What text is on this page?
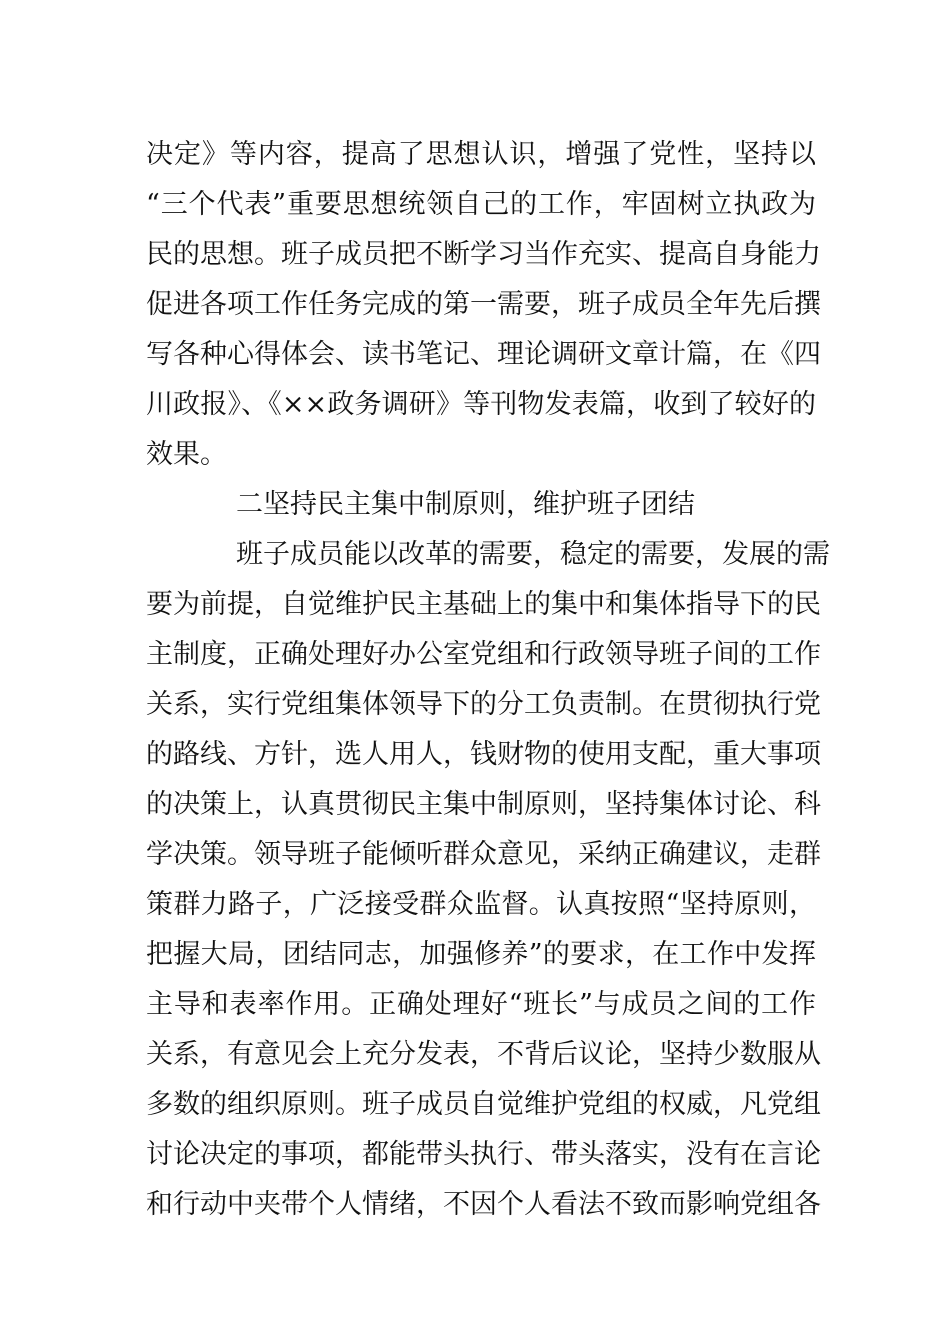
决定》等内容，提高了思想认识，增强了党性，坚持以
“三个代表”重要思想统领自己的工作，牢固树立执政为
民的思想。班子成员把不断学习当作充实、提高自身能力
促进各项工作任务完成的第一需要，班子成员全年先后撰
写各种心得体会、读书笔记、理论调研文章计篇，在《四
川政报》、《××政务调研》等刊物发表篇，收到了较好的
效果。
二坚持民主集中制原则，维护班子团结
班子成员能以改革的需要，稳定的需要，发展的需
要为前提，自觉维护民主基础上的集中和集体指导下的民
主制度，正确处理好办公室党组和行政领导班子间的工作
关系，实行党组集体领导下的分工负责制。在贯彻执行党
的路线、方针，选人用人，钱财物的使用支配，重大事项
的决策上，认真贯彻民主集中制原则，坚持集体讨论、科
学决策。领导班子能倾听群众意见，采纳正确建议，走群
策群力路子，广泛接受群众监督。认真按照“坚持原则，
把握大局，团结同志，加强修养”的要求，在工作中发挥
主导和表率作用。正确处理好“班长”与成员之间的工作
关系，有意见会上充分发表，不背后议论，坚持少数服从
多数的组织原则。班子成员自觉维护党组的权威，凡党组
讨论决定的事项，都能带头执行、带头落实，没有在言论
和行动中夹带个人情绪，不因个人看法不致而影响党组各
